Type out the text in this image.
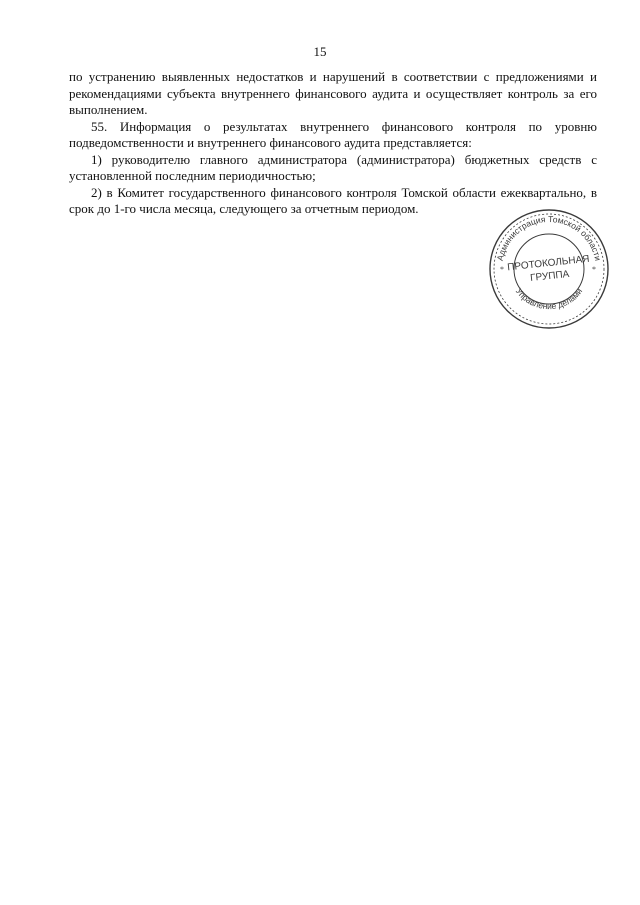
15

по устранению выявленных недостатков и нарушений в соответствии с предложениями и рекомендациями субъекта внутреннего финансового аудита и осуществляет контроль за его выполнением.

55. Информация о результатах внутреннего финансового контроля по уровню подведомственности и внутреннего финансового аудита представляется:

1) руководителю главного администратора (администратора) бюджетных средств с установленной последним периодичностью;

2) в Комитет государственного финансового контроля Томской области ежеквартально, в срок до 1-го числа месяца, следующего за отчетным периодом.

Администрация Томской области
Управление делами
*	*
ПРОТОКОЛЬНАЯ
ГРУППА
